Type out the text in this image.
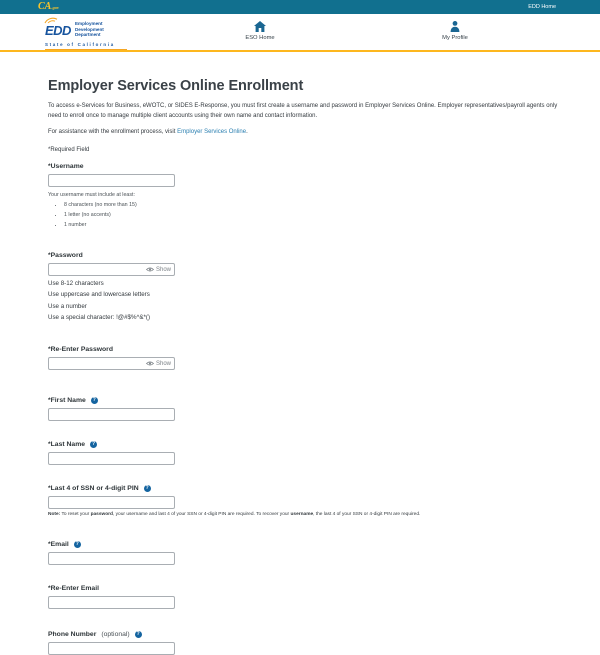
CA.gov	EDD Home
EDD Employment
Development
Department
State of California
ESO Home	My Profile
Employer Services Online Enrollment

To access e-Services for Business, eWOTC, or SIDES E-Response, you must first create a username and password in Employer Services Online. Employer representatives/payroll agents only need to enroll once to manage multiple client accounts using their own name and contact information.

For assistance with the enrollment process, visit Employer Services Online.

*Required Field

*Username
Your username must include at least:
• 8 characters (no more than 15)
• 1 letter (no accents)
• 1 number
*Password
Show
Use 8-12 characters
Use uppercase and lowercase letters
Use a number
Use a special character: !@#$%^&*()
*Re-Enter Password
Show
*First Name	?
*Last Name	?
*Last 4 of SSN or 4-digit PIN	?
Note: To reset your password, your username and last 4 of your SSN or 4-digit PIN are required. To recover your username, the last 4 of your SSN or 4-digit PIN are required.
*Email	?
*Re-Enter Email
Phone Number (optional)	?
